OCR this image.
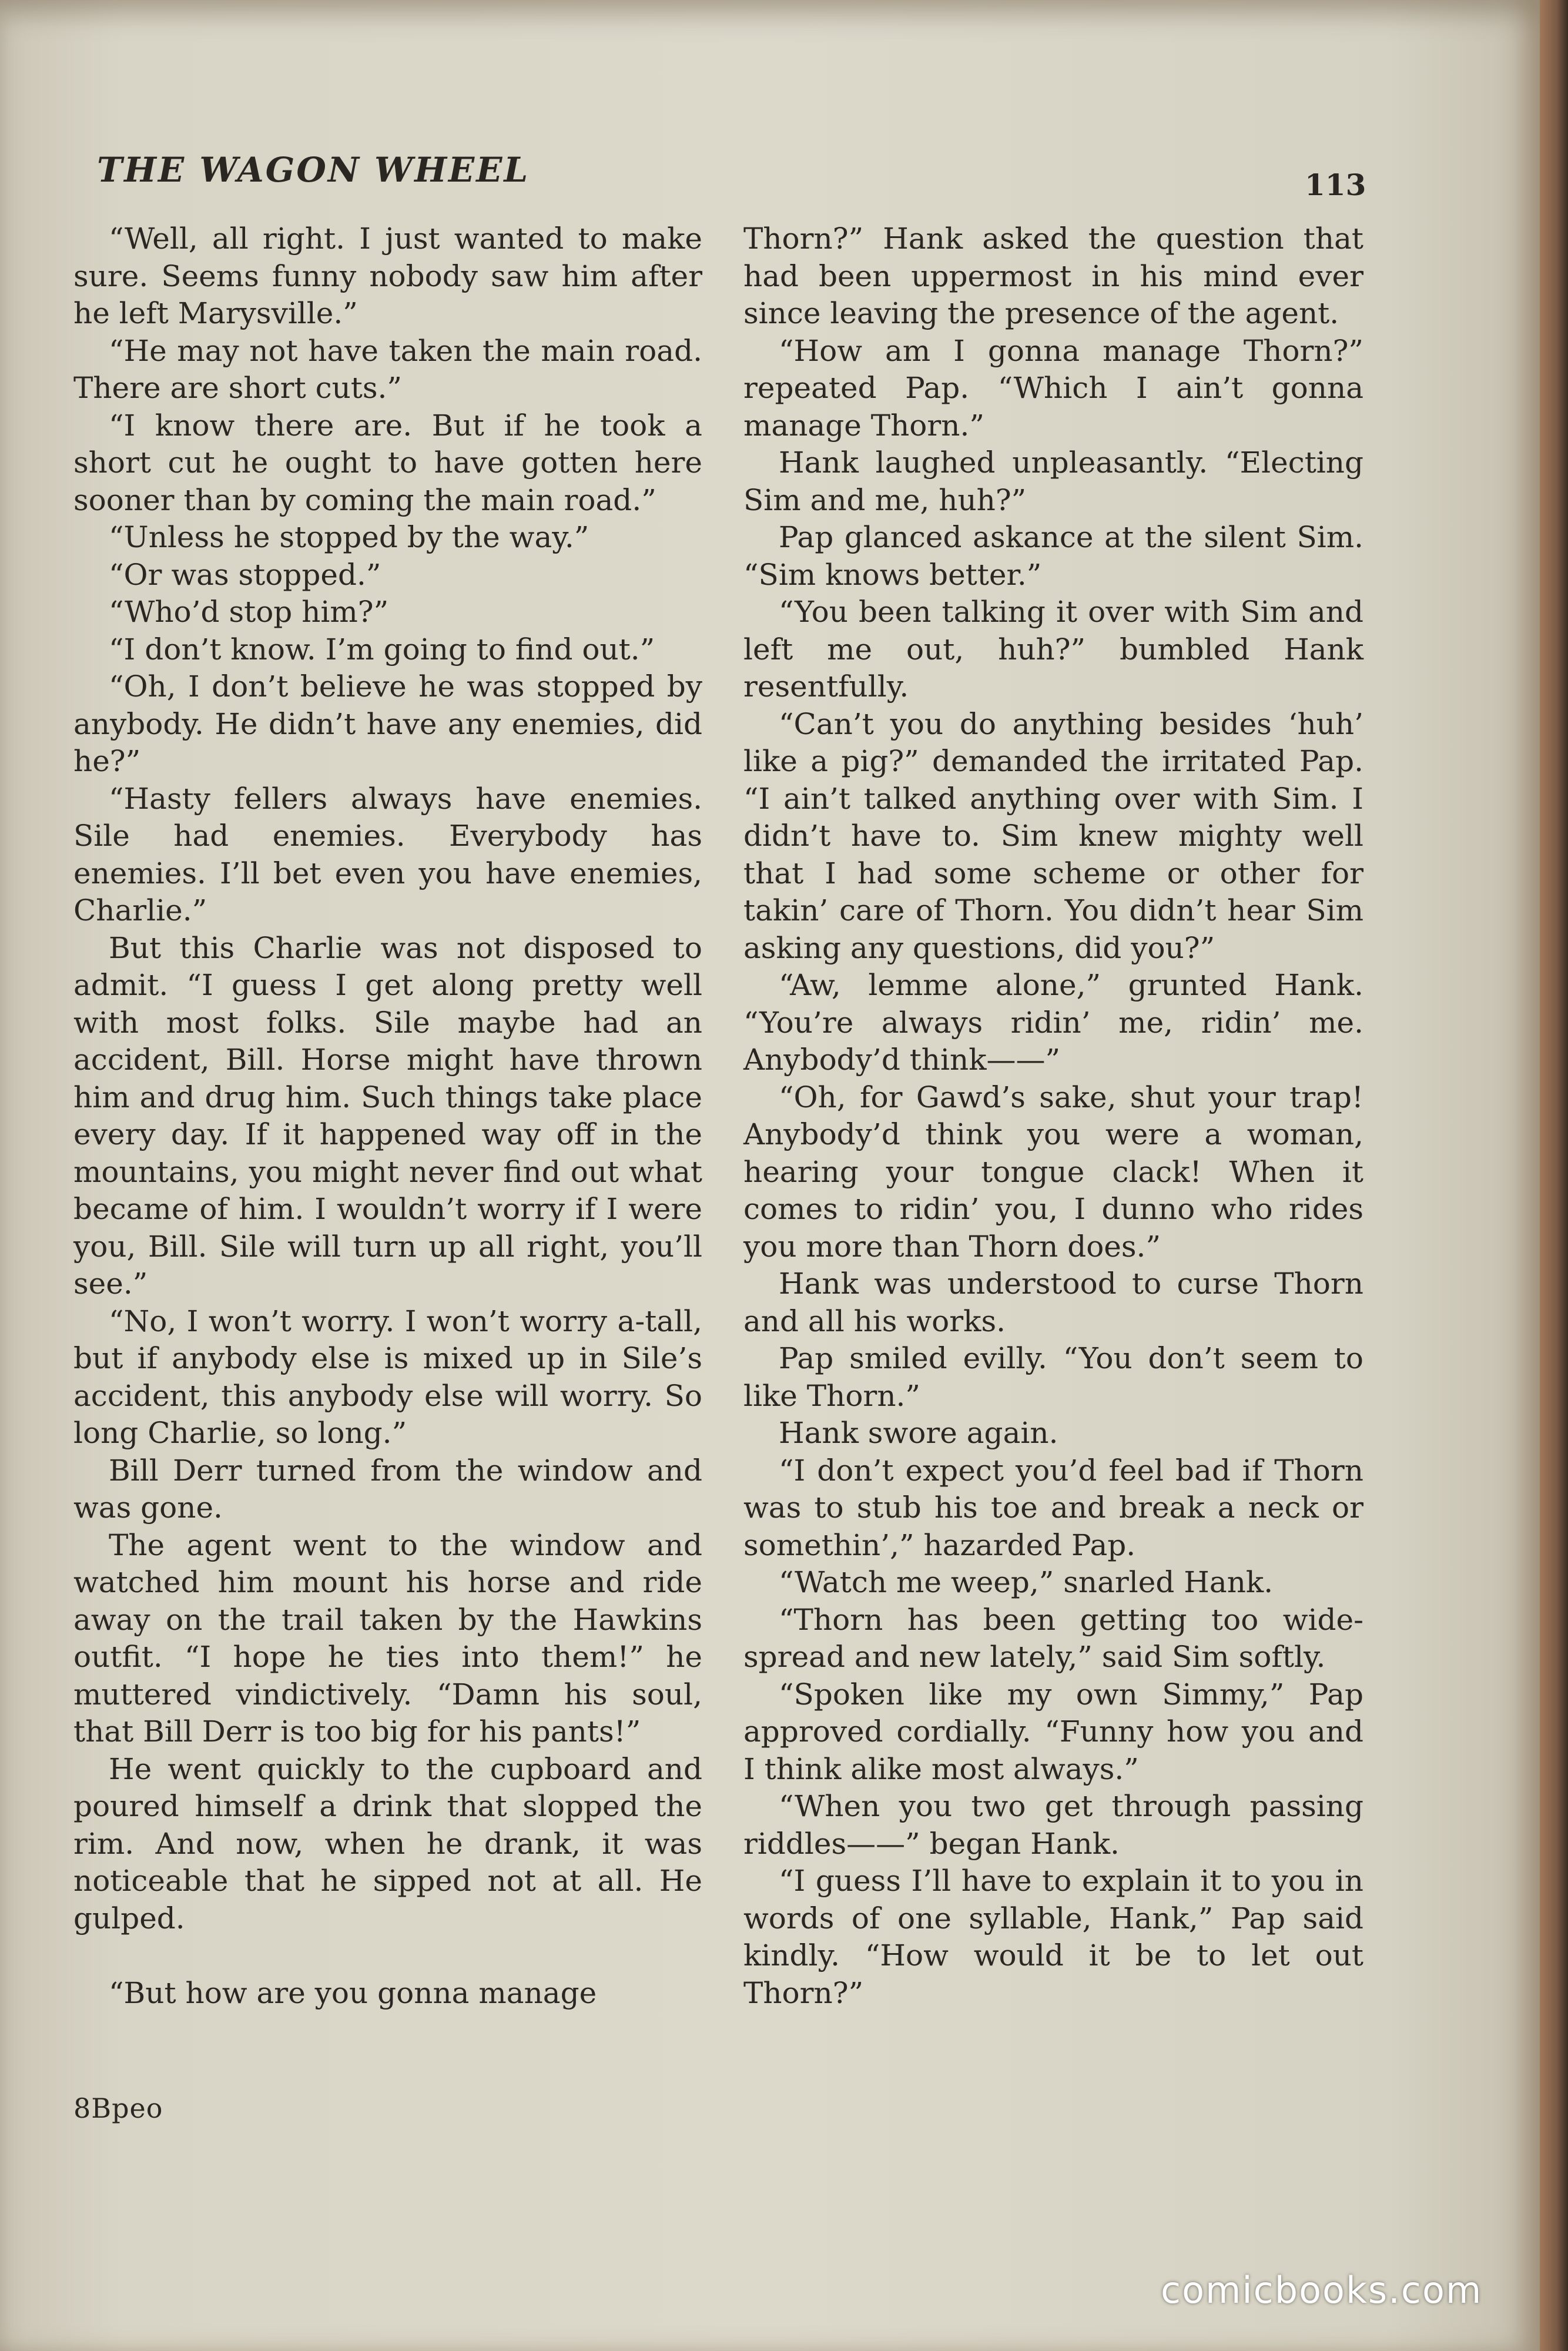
THE WAGON WHEEL	113

“Well, all right. I just wanted to make sure. Seems funny nobody saw him after he left Marysville.”

“He may not have taken the main road. There are short cuts.”

“I know there are. But if he took a short cut he ought to have gotten here sooner than by coming the main road.”

“Unless he stopped by the way.”

“Or was stopped.”

“Who’d stop him?”

“I don’t know. I’m going to find out.”

“Oh, I don’t believe he was stopped by anybody. He didn’t have any enemies, did he?”

“Hasty fellers always have enemies. Sile had enemies. Everybody has enemies. I’ll bet even you have enemies, Charlie.”

But this Charlie was not disposed to admit. “I guess I get along pretty well with most folks. Sile maybe had an accident, Bill. Horse might have thrown him and drug him. Such things take place every day. If it happened way off in the mountains, you might never find out what became of him. I wouldn’t worry if I were you, Bill. Sile will turn up all right, you’ll see.”

“No, I won’t worry. I won’t worry a-tall, but if anybody else is mixed up in Sile’s accident, this anybody else will worry. So long Charlie, so long.”

Bill Derr turned from the window and was gone.

The agent went to the window and watched him mount his horse and ride away on the trail taken by the Hawkins outfit. “I hope he ties into them!” he muttered vindictively. “Damn his soul, that Bill Derr is too big for his pants!”

He went quickly to the cupboard and poured himself a drink that slopped the rim. And now, when he drank, it was noticeable that he sipped not at all. He gulped.

“But how are you gonna manage

8Bpeo

Thorn?” Hank asked the question that had been uppermost in his mind ever since leaving the presence of the agent.

“How am I gonna manage Thorn?” repeated Pap. “Which I ain’t gonna manage Thorn.”

Hank laughed unpleasantly. “Electing Sim and me, huh?”

Pap glanced askance at the silent Sim. “Sim knows better.”

“You been talking it over with Sim and left me out, huh?” bumbled Hank resentfully.

“Can’t you do anything besides ‘huh’ like a pig?” demanded the irritated Pap. “I ain’t talked anything over with Sim. I didn’t have to. Sim knew mighty well that I had some scheme or other for takin’ care of Thorn. You didn’t hear Sim asking any questions, did you?”

“Aw, lemme alone,” grunted Hank. “You’re always ridin’ me, ridin’ me. Anybody’d think——”

“Oh, for Gawd’s sake, shut your trap! Anybody’d think you were a woman, hearing your tongue clack! When it comes to ridin’ you, I dunno who rides you more than Thorn does.”

Hank was understood to curse Thorn and all his works.

Pap smiled evilly. “You don’t seem to like Thorn.”

Hank swore again.

“I don’t expect you’d feel bad if Thorn was to stub his toe and break a neck or somethin’,” hazarded Pap.

“Watch me weep,” snarled Hank.

“Thorn has been getting too wide-spread and new lately,” said Sim softly.

“Spoken like my own Simmy,” Pap approved cordially. “Funny how you and I think alike most always.”

“When you two get through passing riddles——” began Hank.

“I guess I’ll have to explain it to you in words of one syllable, Hank,” Pap said kindly. “How would it be to let out Thorn?”

comicbooks.com
